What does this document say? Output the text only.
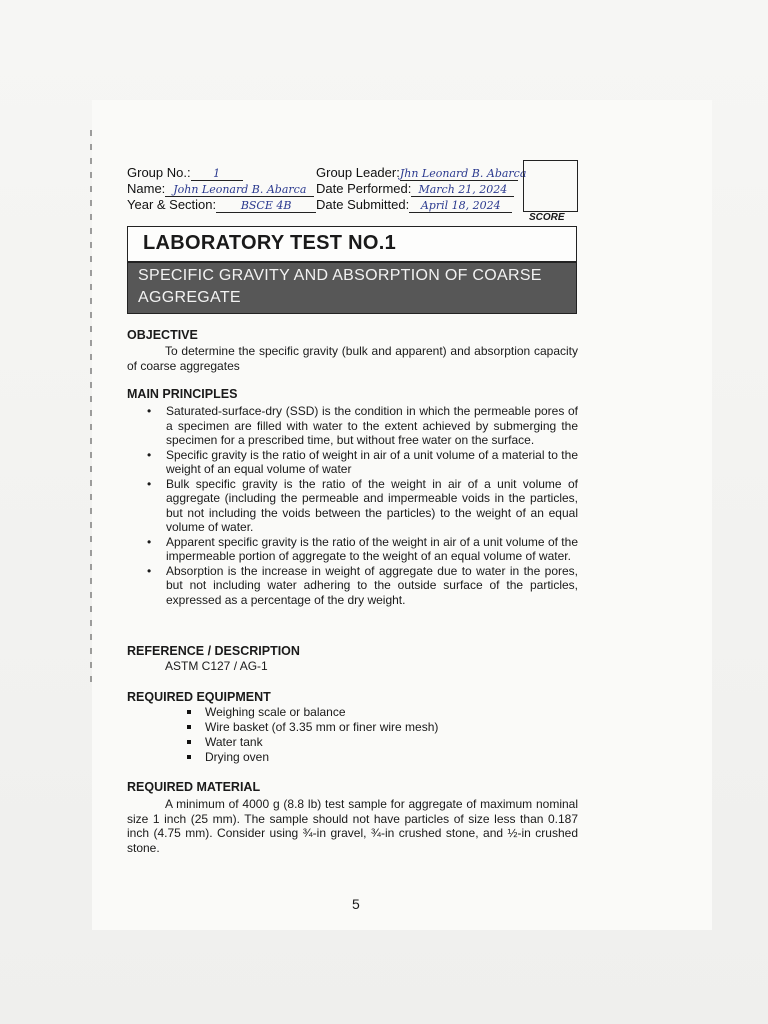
Group No.: 1	Group Leader:Jhn Leonard B. Abarca
Name: John Leonard B. Abarca Date Performed: March 21, 2024
Year & Section: BSCE 4B	Date Submitted: April 18, 2024
SCORE
LABORATORY TEST NO.1
SPECIFIC GRAVITY AND ABSORPTION OF COARSE
AGGREGATE
OBJECTIVE
To determine the specific gravity (bulk and apparent) and absorption capacity of coarse aggregates
MAIN PRINCIPLES
• Saturated-surface-dry (SSD) is the condition in which the permeable pores of a specimen are filled with water to the extent achieved by submerging the specimen for a prescribed time, but without free water on the surface.
• Specific gravity is the ratio of weight in air of a unit volume of a material to the weight of an equal volume of water
• Bulk specific gravity is the ratio of the weight in air of a unit volume of aggregate (including the permeable and impermeable voids in the particles, but not including the voids between the particles) to the weight of an equal volume of water.
• Apparent specific gravity is the ratio of the weight in air of a unit volume of the impermeable portion of aggregate to the weight of an equal volume of water.
• Absorption is the increase in weight of aggregate due to water in the pores, but not including water adhering to the outside surface of the particles, expressed as a percentage of the dry weight.
REFERENCE / DESCRIPTION
ASTM C127 / AG-1
REQUIRED EQUIPMENT
Weighing scale or balance
Wire basket (of 3.35 mm or finer wire mesh)
Water tank
Drying oven
REQUIRED MATERIAL
A minimum of 4000 g (8.8 lb) test sample for aggregate of maximum nominal size 1 inch (25 mm). The sample should not have particles of size less than 0.187 inch (4.75 mm). Consider using ¾-in gravel, ¾-in crushed stone, and ½-in crushed stone.
5
